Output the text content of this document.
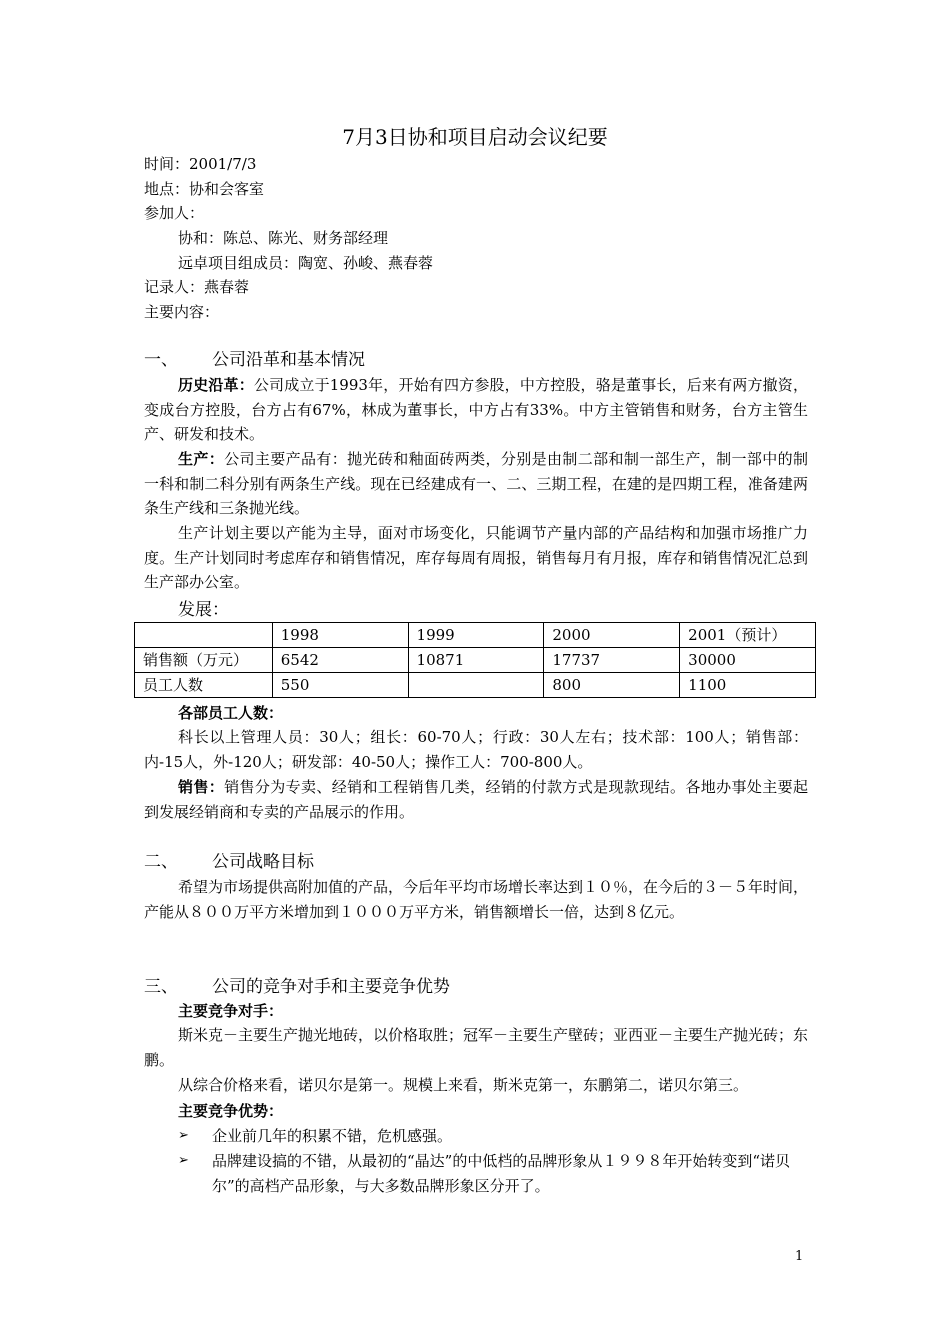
7月3日协和项目启动会议纪要
时间：2001/7/3
地点：协和会客室
参加人：
协和：陈总、陈光、财务部经理
远卓项目组成员：陶宽、孙峻、燕春蓉
记录人：燕春蓉
主要内容：
一、 公司沿革和基本情况
历史沿革：公司成立于1993年，开始有四方参股，中方控股，骆是董事长，后来有两方撤资，变成台方控股，台方占有67%，林成为董事长，中方占有33%。中方主管销售和财务，台方主管生产、研发和技术。
生产：公司主要产品有：抛光砖和釉面砖两类，分别是由制二部和制一部生产，制一部中的制一科和制二科分别有两条生产线。现在已经建成有一、二、三期工程，在建的是四期工程，准备建两条生产线和三条抛光线。
生产计划主要以产能为主导，面对市场变化，只能调节产量内部的产品结构和加强市场推广力度。生产计划同时考虑库存和销售情况，库存每周有周报，销售每月有月报，库存和销售情况汇总到生产部办公室。
发展：
	1998	1999	2000	2001（预计）
销售额（万元）	6542	10871	17737	30000
员工人数	550		800	1100
各部员工人数：
科长以上管理人员：30人；组长：60-70人；行政：30人左右；技术部：100人；销售部：内-15人，外-120人；研发部：40-50人；操作工人：700-800人。
销售：销售分为专卖、经销和工程销售几类，经销的付款方式是现款现结。各地办事处主要起到发展经销商和专卖的产品展示的作用。
二、 公司战略目标
希望为市场提供高附加值的产品，今后年平均市场增长率达到１０％，在今后的３－５年时间，产能从８００万平方米增加到１０００万平方米，销售额增长一倍，达到８亿元。
三、 公司的竞争对手和主要竞争优势
主要竞争对手：
斯米克－主要生产抛光地砖，以价格取胜；冠军－主要生产壁砖；亚西亚－主要生产抛光砖；东鹏。
从综合价格来看，诺贝尔是第一。规模上来看，斯米克第一，东鹏第二，诺贝尔第三。
主要竞争优势：
➢ 企业前几年的积累不错，危机感强。
➢ 品牌建设搞的不错，从最初的“晶达”的中低档的品牌形象从１９９８年开始转变到“诺贝尔”的高档产品形象，与大多数品牌形象区分开了。
1
